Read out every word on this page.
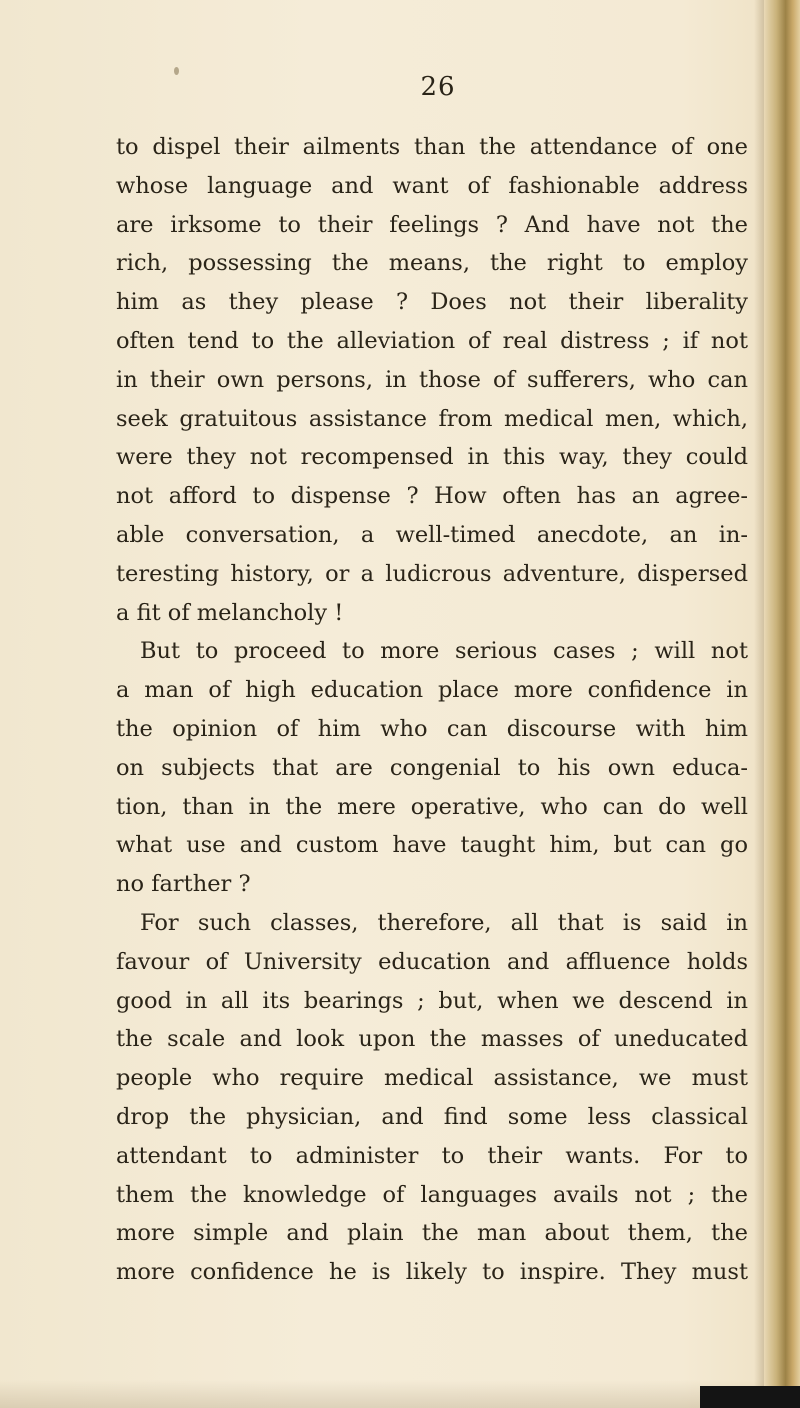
26
to dispel their ailments than the attendance of one
whose language and want of fashionable address
are irksome to their feelings ? And have not the
rich, possessing the means, the right to employ
him as they please ? Does not their liberality
often tend to the alleviation of real distress ; if not
in their own persons, in those of sufferers, who can
seek gratuitous assistance from medical men, which,
were they not recompensed in this way, they could
not afford to dispense ? How often has an agree-
able conversation, a well-timed anecdote, an in-
teresting history, or a ludicrous adventure, dispersed
a fit of melancholy !
But to proceed to more serious cases ; will not
a man of high education place more confidence in
the opinion of him who can discourse with him
on subjects that are congenial to his own educa-
tion, than in the mere operative, who can do well
what use and custom have taught him, but can go
no farther ?
For such classes, therefore, all that is said in
favour of University education and affluence holds
good in all its bearings ; but, when we descend in
the scale and look upon the masses of uneducated
people who require medical assistance, we must
drop the physician, and find some less classical
attendant to administer to their wants. For to
them the knowledge of languages avails not ; the
more simple and plain the man about them, the
more confidence he is likely to inspire. They must
